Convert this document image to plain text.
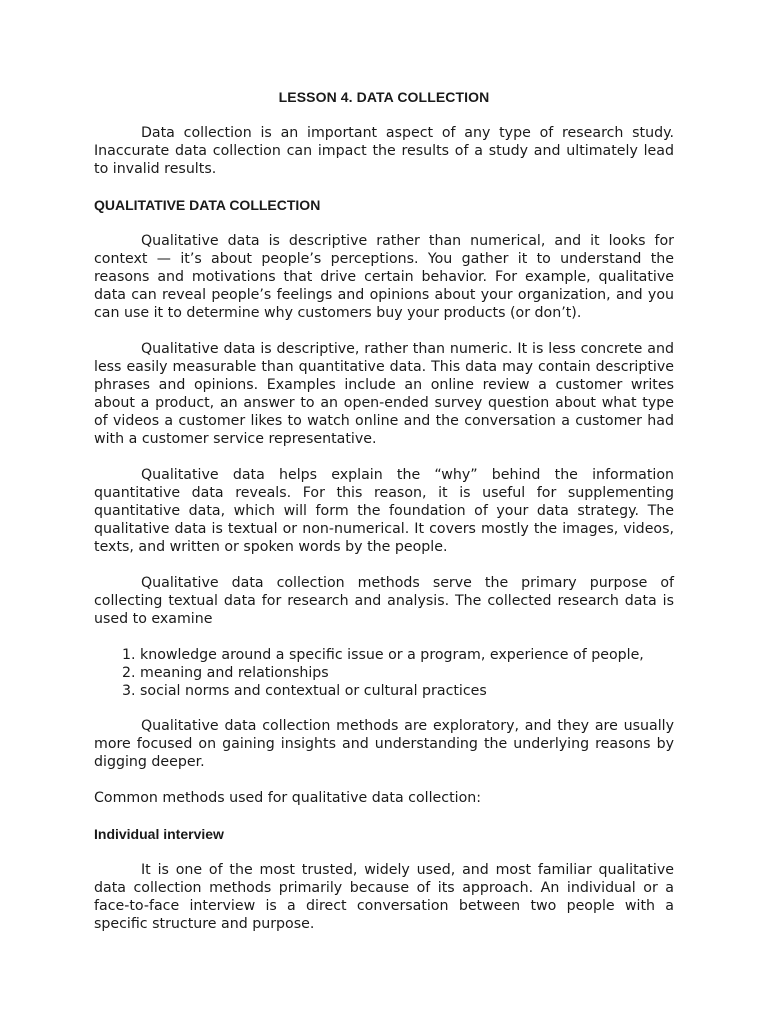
LESSON 4. DATA COLLECTION

Data collection is an important aspect of any type of research study. Inaccurate data collection can impact the results of a study and ultimately lead to invalid results.

QUALITATIVE DATA COLLECTION

Qualitative data is descriptive rather than numerical, and it looks for context — it’s about people’s perceptions. You gather it to understand the reasons and motivations that drive certain behavior. For example, qualitative data can reveal people’s feelings and opinions about your organization, and you can use it to determine why customers buy your products (or don’t).

Qualitative data is descriptive, rather than numeric. It is less concrete and less easily measurable than quantitative data. This data may contain descriptive phrases and opinions. Examples include an online review a customer writes about a product, an answer to an open-ended survey question about what type of videos a customer likes to watch online and the conversation a customer had with a customer service representative.

Qualitative data helps explain the “why” behind the information quantitative data reveals. For this reason, it is useful for supplementing quantitative data, which will form the foundation of your data strategy. The qualitative data is textual or non-numerical. It covers mostly the images, videos, texts, and written or spoken words by the people.

Qualitative data collection methods serve the primary purpose of collecting textual data for research and analysis. The collected research data is used to examine

1. knowledge around a specific issue or a program, experience of people,
2. meaning and relationships
3. social norms and contextual or cultural practices

Qualitative data collection methods are exploratory, and they are usually more focused on gaining insights and understanding the underlying reasons by digging deeper.

Common methods used for qualitative data collection:

Individual interview

It is one of the most trusted, widely used, and most familiar qualitative data collection methods primarily because of its approach. An individual or a face-to-face interview is a direct conversation between two people with a specific structure and purpose.
